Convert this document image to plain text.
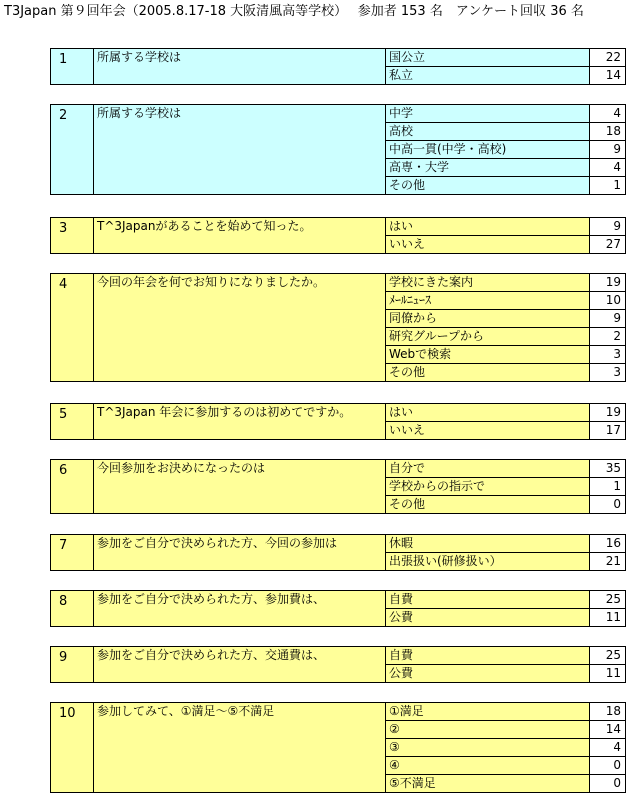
T3Japan 第９回年会（2005.8.17-18 大阪清風高等学校）　 参加者 153 名　アンケート回収 36 名
1	所属する学校は	国公立	22
		私立	14
2	所属する学校は	中学	4
		高校	18
		中高一貫(中学・高校)	9
		高専・大学	4
		その他	1
3	T^3Japanがあることを始めて知った。	はい	9
		いいえ	27
4	今回の年会を何でお知りになりましたか。	学校にきた案内	19
		ﾒｰﾙﾆｭｰｽ	10
		同僚から	9
		研究グループから	2
		Webで検索	3
		その他	3
5	T^3Japan 年会に参加するのは初めてですか。	はい	19
		いいえ	17
6	今回参加をお決めになったのは	自分で	35
		学校からの指示で	1
		その他	0
7	参加をご自分で決められた方、今回の参加は	休暇	16
		出張扱い(研修扱い）	21
8	参加をご自分で決められた方、参加費は、	自費	25
		公費	11
9	参加をご自分で決められた方、交通費は、	自費	25
		公費	11
10	参加してみて、①満足～⑤不満足	①満足	18
		②	14
		③	4
		④	0
		⑤不満足	0
